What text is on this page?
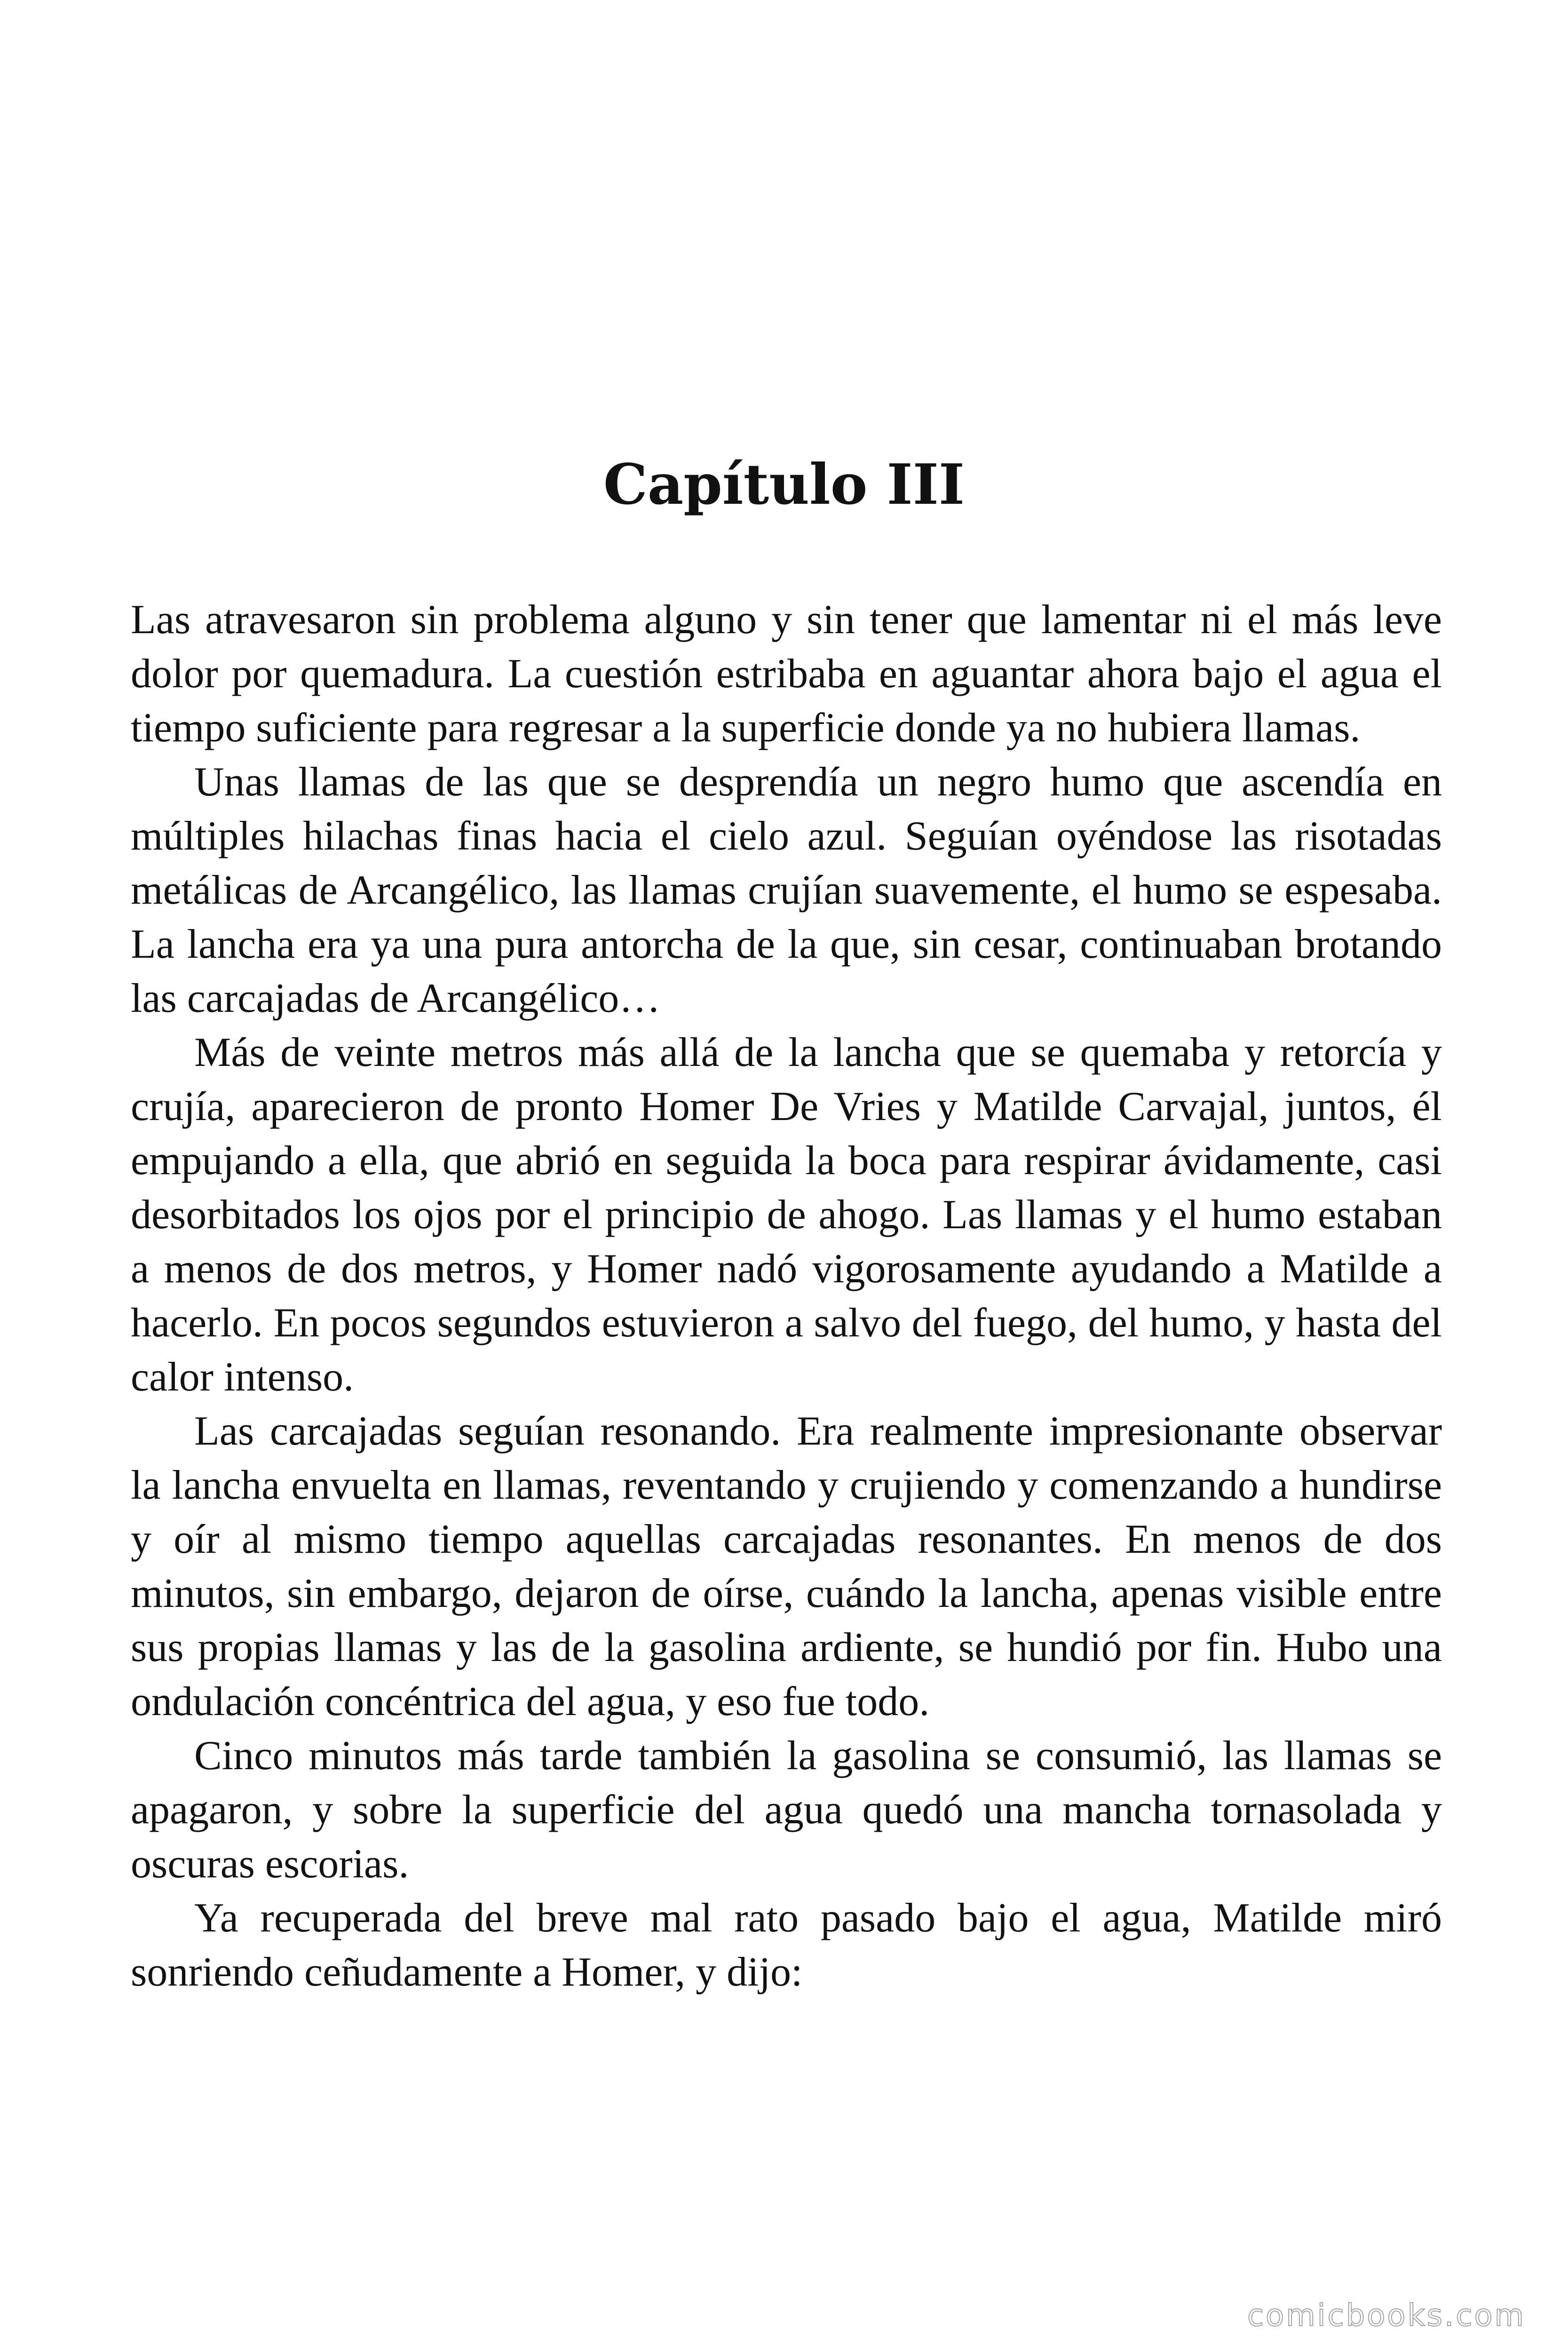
Capítulo III

Las atravesaron sin problema alguno y sin tener que lamentar ni el más leve dolor por quemadura. La cuestión estribaba en aguantar ahora bajo el agua el tiempo suficiente para regresar a la superficie donde ya no hubiera llamas.

Unas llamas de las que se desprendía un negro humo que ascendía en múltiples hilachas finas hacia el cielo azul. Seguían oyéndose las risotadas metálicas de Arcangélico, las llamas crujían suavemente, el humo se espesaba. La lancha era ya una pura antorcha de la que, sin cesar, continuaban brotando las carcajadas de Arcangélico…

Más de veinte metros más allá de la lancha que se quemaba y retorcía y crujía, aparecieron de pronto Homer De Vries y Matilde Carvajal, juntos, él empujando a ella, que abrió en seguida la boca para respirar ávidamente, casi desorbitados los ojos por el principio de ahogo. Las llamas y el humo estaban a menos de dos metros, y Homer nadó vigorosamente ayudando a Matilde a hacerlo. En pocos segundos estuvieron a salvo del fuego, del humo, y hasta del calor intenso.

Las carcajadas seguían resonando. Era realmente impresionante observar la lancha envuelta en llamas, reventando y crujiendo y comenzando a hundirse y oír al mismo tiempo aquellas carcajadas resonantes. En menos de dos minutos, sin embargo, dejaron de oírse, cuándo la lancha, apenas visible entre sus propias llamas y las de la gasolina ardiente, se hundió por fin. Hubo una ondulación concéntrica del agua, y eso fue todo.

Cinco minutos más tarde también la gasolina se consumió, las llamas se apagaron, y sobre la superficie del agua quedó una mancha tornasolada y oscuras escorias.

Ya recuperada del breve mal rato pasado bajo el agua, Matilde miró sonriendo ceñudamente a Homer, y dijo:

comicbooks.com
